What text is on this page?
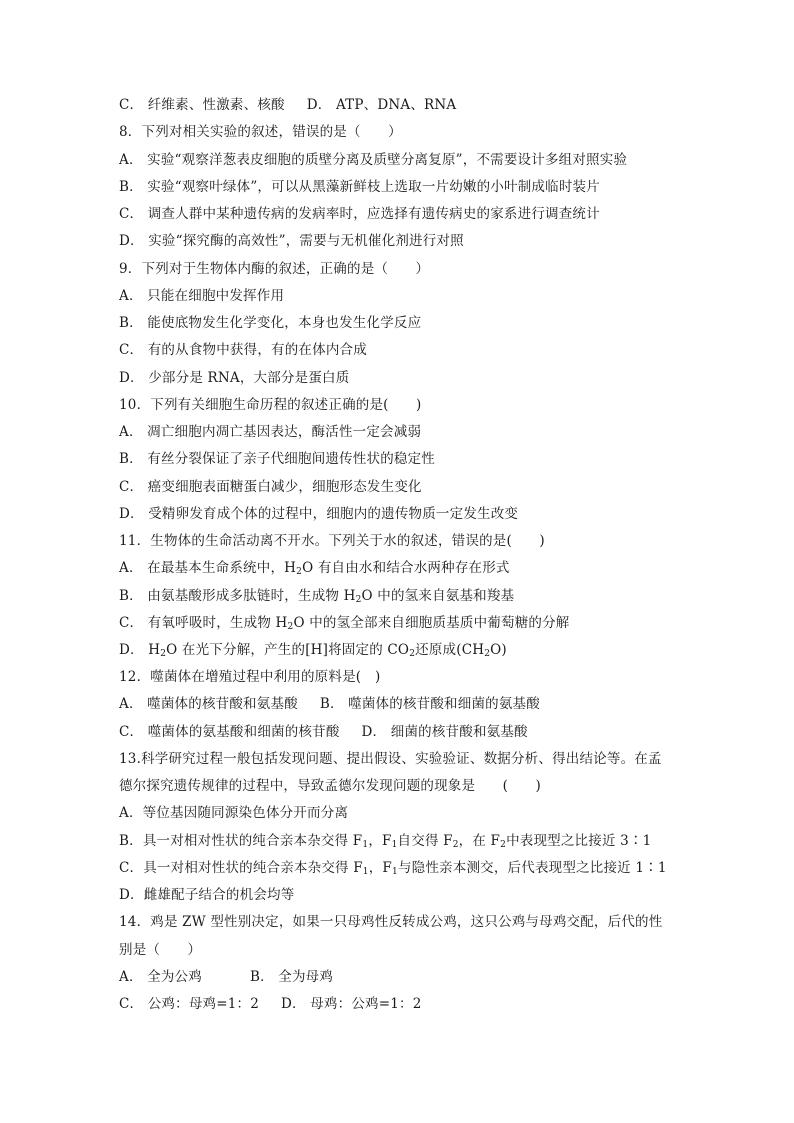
C． 纤维素、性激素、核酸 D． ATP、DNA、RNA
8．下列对相关实验的叙述，错误的是（　　）
A． 实验“观察洋葱表皮细胞的质壁分离及质壁分离复原”，不需要设计多组对照实验
B． 实验“观察叶绿体”，可以从黑藻新鲜枝上选取一片幼嫩的小叶制成临时装片
C． 调查人群中某种遗传病的发病率时，应选择有遗传病史的家系进行调查统计
D． 实验“探究酶的高效性”，需要与无机催化剂进行对照
9．下列对于生物体内酶的叙述，正确的是（　　）
A． 只能在细胞中发挥作用
B． 能使底物发生化学变化，本身也发生化学反应
C． 有的从食物中获得，有的在体内合成
D． 少部分是 RNA，大部分是蛋白质
10．下列有关细胞生命历程的叙述正确的是(　　)
A． 凋亡细胞内凋亡基因表达，酶活性一定会减弱
B． 有丝分裂保证了亲子代细胞间遗传性状的稳定性
C． 癌变细胞表面糖蛋白减少，细胞形态发生变化
D． 受精卵发育成个体的过程中，细胞内的遗传物质一定发生改变
11．生物体的生命活动离不开水。下列关于水的叙述，错误的是(　　)
A． 在最基本生命系统中，$H_2O$ 有自由水和结合水两种存在形式
B． 由氨基酸形成多肽链时，生成物 $H_2O$ 中的氢来自氨基和羧基
C． 有氧呼吸时，生成物 $H_2O$ 中的氢全部来自细胞质基质中葡萄糖的分解
D． $H_2O$ 在光下分解，产生的[H]将固定的 $CO_2$还原成$(CH_2O)$
12．噬菌体在增殖过程中利用的原料是(　)
A． 噬菌体的核苷酸和氨基酸 B． 噬菌体的核苷酸和细菌的氨基酸
C． 噬菌体的氨基酸和细菌的核苷酸 D． 细菌的核苷酸和氨基酸
13.科学研究过程一般包括发现问题、提出假设、实验验证、数据分析、得出结论等。在孟
德尔探究遗传规律的过程中，导致孟德尔发现问题的现象是　　(　　)
A．等位基因随同源染色体分开而分离
B．具一对相对性状的纯合亲本杂交得 $F_1$，$F_1$自交得 $F_2$，在 $F_2$中表现型之比接近 3∶1
C．具一对相对性状的纯合亲本杂交得 $F_1$，$F_1$与隐性亲本测交，后代表现型之比接近 1∶1
D．雌雄配子结合的机会均等
14．鸡是 ZW 型性别决定，如果一只母鸡性反转成公鸡，这只公鸡与母鸡交配，后代的性
别是（　　）
A． 全为公鸡	B． 全为母鸡
C． 公鸡：母鸡=1：2 D． 母鸡：公鸡=1：2
